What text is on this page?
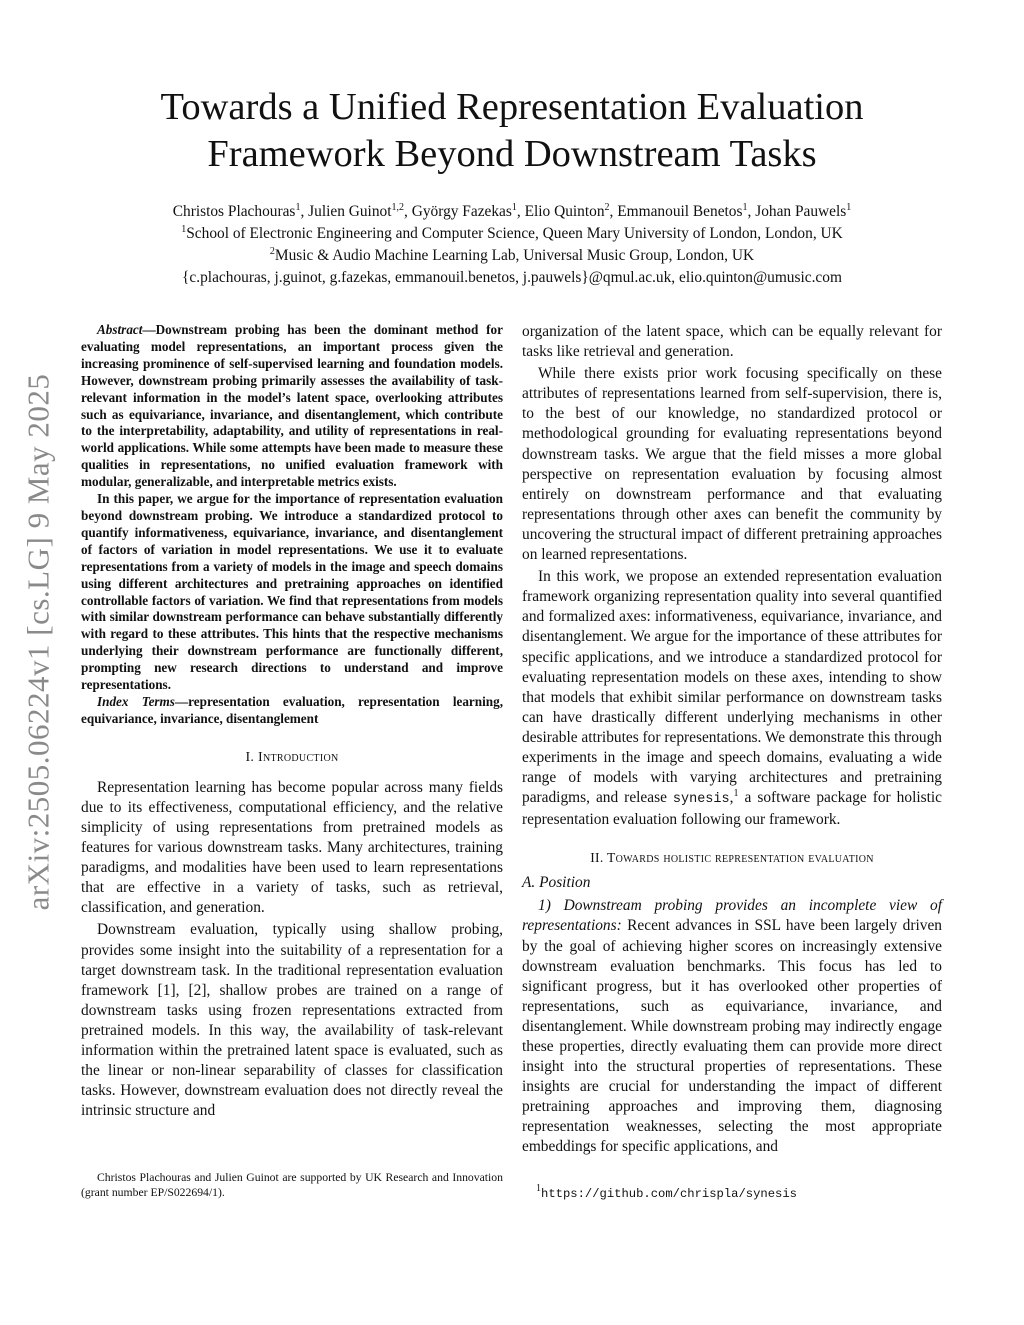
arXiv:2505.06224v1 [cs.LG] 9 May 2025
Towards a Unified Representation Evaluation
Framework Beyond Downstream Tasks
Christos Plachouras$^1$, Julien Guinot$^{1,2}$, György Fazekas$^1$, Elio Quinton$^2$, Emmanouil Benetos$^1$, Johan Pauwels$^1$
$^1$School of Electronic Engineering and Computer Science, Queen Mary University of London, London, UK
$^2$Music & Audio Machine Learning Lab, Universal Music Group, London, UK
{c.plachouras, j.guinot, g.fazekas, emmanouil.benetos, j.pauwels}@qmul.ac.uk, elio.quinton@umusic.com

Abstract—Downstream probing has been the dominant method for evaluating model representations, an important process given the increasing prominence of self-supervised learning and foundation models. However, downstream probing primarily assesses the availability of task-relevant information in the model’s latent space, overlooking attributes such as equivariance, invariance, and disentanglement, which contribute to the interpretability, adaptability, and utility of representations in real-world applications. While some attempts have been made to measure these qualities in representations, no unified evaluation framework with modular, generalizable, and interpretable metrics exists.

In this paper, we argue for the importance of representation evaluation beyond downstream probing. We introduce a standardized protocol to quantify informativeness, equivariance, invariance, and disentanglement of factors of variation in model representations. We use it to evaluate representations from a variety of models in the image and speech domains using different architectures and pretraining approaches on identified controllable factors of variation. We find that representations from models with similar downstream performance can behave substantially differently with regard to these attributes. This hints that the respective mechanisms underlying their downstream performance are functionally different, prompting new research directions to understand and improve representations.

Index Terms—representation evaluation, representation learning, equivariance, invariance, disentanglement

I. Introduction

Representation learning has become popular across many fields due to its effectiveness, computational efficiency, and the relative simplicity of using representations from pretrained models as features for various downstream tasks. Many architectures, training paradigms, and modalities have been used to learn representations that are effective in a variety of tasks, such as retrieval, classification, and generation.

Downstream evaluation, typically using shallow probing, provides some insight into the suitability of a representation for a target downstream task. In the traditional representation evaluation framework [1], [2], shallow probes are trained on a range of downstream tasks using frozen representations extracted from pretrained models. In this way, the availability of task-relevant information within the pretrained latent space is evaluated, such as the linear or non-linear separability of classes for classification tasks. However, downstream evaluation does not directly reveal the intrinsic structure and

Christos Plachouras and Julien Guinot are supported by UK Research and Innovation (grant number EP/S022694/1).

organization of the latent space, which can be equally relevant for tasks like retrieval and generation.

While there exists prior work focusing specifically on these attributes of representations learned from self-supervision, there is, to the best of our knowledge, no standardized protocol or methodological grounding for evaluating representations beyond downstream tasks. We argue that the field misses a more global perspective on representation evaluation by focusing almost entirely on downstream performance and that evaluating representations through other axes can benefit the community by uncovering the structural impact of different pretraining approaches on learned representations.

In this work, we propose an extended representation evaluation framework organizing representation quality into several quantified and formalized axes: informativeness, equivariance, invariance, and disentanglement. We argue for the importance of these attributes for specific applications, and we introduce a standardized protocol for evaluating representation models on these axes, intending to show that models that exhibit similar performance on downstream tasks can have drastically different underlying mechanisms in other desirable attributes for representations. We demonstrate this through experiments in the image and speech domains, evaluating a wide range of models with varying architectures and pretraining paradigms, and release synesis,$^1$ a software package for holistic representation evaluation following our framework.

II. Towards holistic representation evaluation
A. Position

1) Downstream probing provides an incomplete view of representations: Recent advances in SSL have been largely driven by the goal of achieving higher scores on increasingly extensive downstream evaluation benchmarks. This focus has led to significant progress, but it has overlooked other properties of representations, such as equivariance, invariance, and disentanglement. While downstream probing may indirectly engage these properties, directly evaluating them can provide more direct insight into the structural properties of representations. These insights are crucial for understanding the impact of different pretraining approaches and improving them, diagnosing representation weaknesses, selecting the most appropriate embeddings for specific applications, and

$^1$https://github.com/chrispla/synesis
